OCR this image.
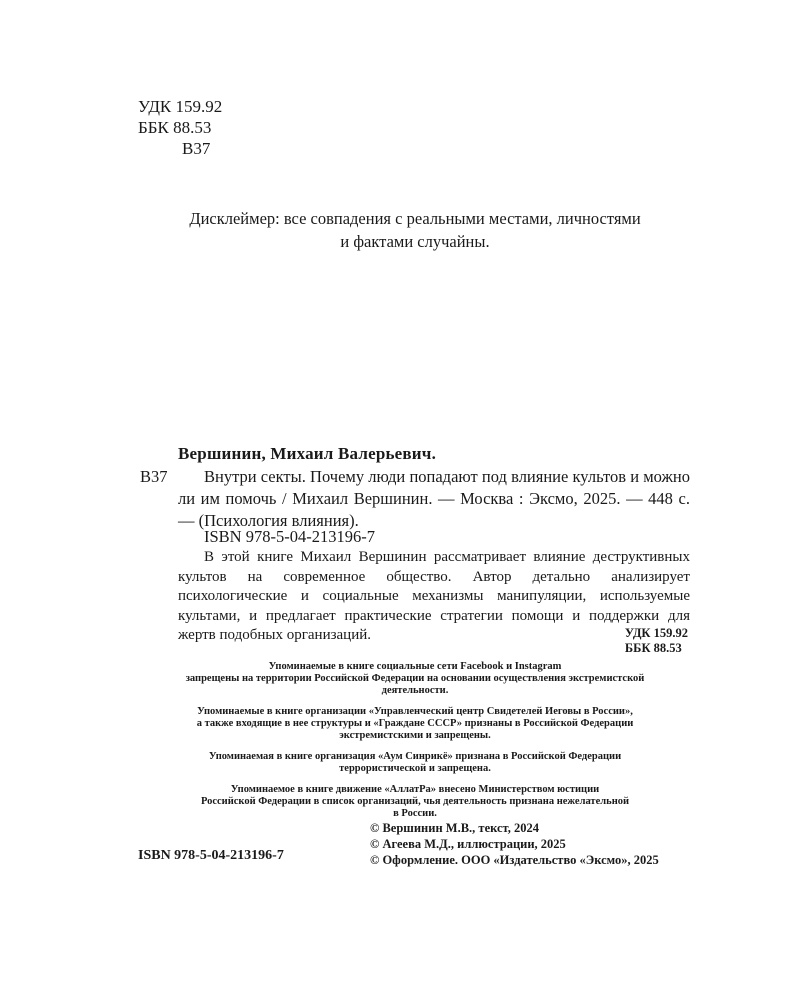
УДК 159.92
ББК 88.53
В37
Дисклеймер: все совпадения с реальными местами, личностями
и фактами случайны.
Вершинин, Михаил Валерьевич.
В37	Внутри секты. Почему люди попадают под влияние культов и можно ли им помочь / Михаил Вершинин. — Москва : Эксмо, 2025. — 448 с. — (Психология влияния).
ISBN 978-5-04-213196-7
В этой книге Михаил Вершинин рассматривает влияние деструктивных культов на современное общество. Автор детально анализирует психологические и социальные механизмы манипуляции, используемые культами, и предлагает практические стратегии помощи и поддержки для жертв подобных организаций.	УДК 159.92
ББК 88.53
Упоминаемые в книге социальные сети Facebook и Instagram
запрещены на территории Российской Федерации на основании осуществления экстремистской
деятельности.
Упоминаемые в книге организации «Управленческий центр Свидетелей Иеговы в России»,
а также входящие в нее структуры и «Граждане СССР» признаны в Российской Федерации
экстремистскими и запрещены.
Упоминаемая в книге организация «Аум Синрикё» признана в Российской Федерации
террористической и запрещена.
Упоминаемое в книге движение «АллатРа» внесено Министерством юстиции
Российской Федерации в список организаций, чья деятельность признана нежелательной
в России.
ISBN 978-5-04-213196-7
© Вершинин М.В., текст, 2024
© Агеева М.Д., иллюстрации, 2025
© Оформление. ООО «Издательство «Эксмо», 2025
